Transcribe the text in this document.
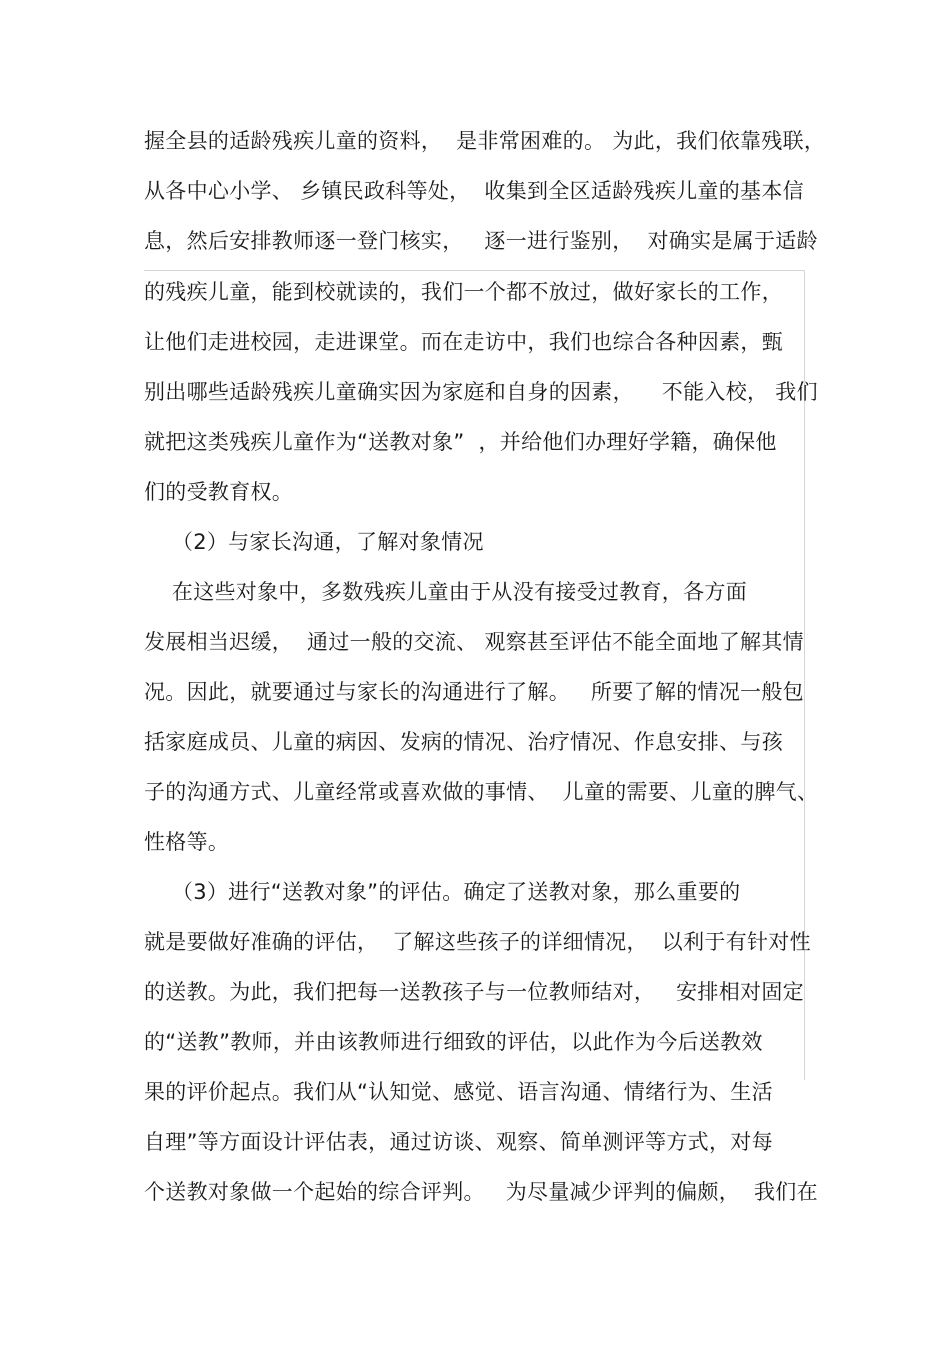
握全县的适龄残疾儿童的资料，  是非常困难的。 为此，我们依靠残联，
从各中心小学、 乡镇民政科等处，  收集到全区适龄残疾儿童的基本信
息，然后安排教师逐一登门核实，   逐一进行鉴别，  对确实是属于适龄
的残疾儿童，能到校就读的，我们一个都不放过，做好家长的工作，
让他们走进校园，走进课堂。而在走访中，我们也综合各种因素，甄
别出哪些适龄残疾儿童确实因为家庭和自身的因素，    不能入校， 我们
就把这类残疾儿童作为“送教对象”  ，并给他们办理好学籍，确保他
们的受教育权。
（2）与家长沟通，了解对象情况
在这些对象中，多数残疾儿童由于从没有接受过教育，各方面
发展相当迟缓，  通过一般的交流、 观察甚至评估不能全面地了解其情
况。因此，就要通过与家长的沟通进行了解。   所要了解的情况一般包
括家庭成员、儿童的病因、发病的情况、治疗情况、作息安排、与孩
子的沟通方式、儿童经常或喜欢做的事情、  儿童的需要、儿童的脾气、
性格等。
（3）进行“送教对象”的评估。确定了送教对象，那么重要的
就是要做好准确的评估，  了解这些孩子的详细情况，  以利于有针对性
的送教。为此，我们把每一送教孩子与一位教师结对，   安排相对固定
的“送教”教师，并由该教师进行细致的评估，以此作为今后送教效
果的评价起点。我们从“认知觉、感觉、语言沟通、情绪行为、生活
自理”等方面设计评估表，通过访谈、观察、简单测评等方式，对每
个送教对象做一个起始的综合评判。   为尽量减少评判的偏颇，  我们在
